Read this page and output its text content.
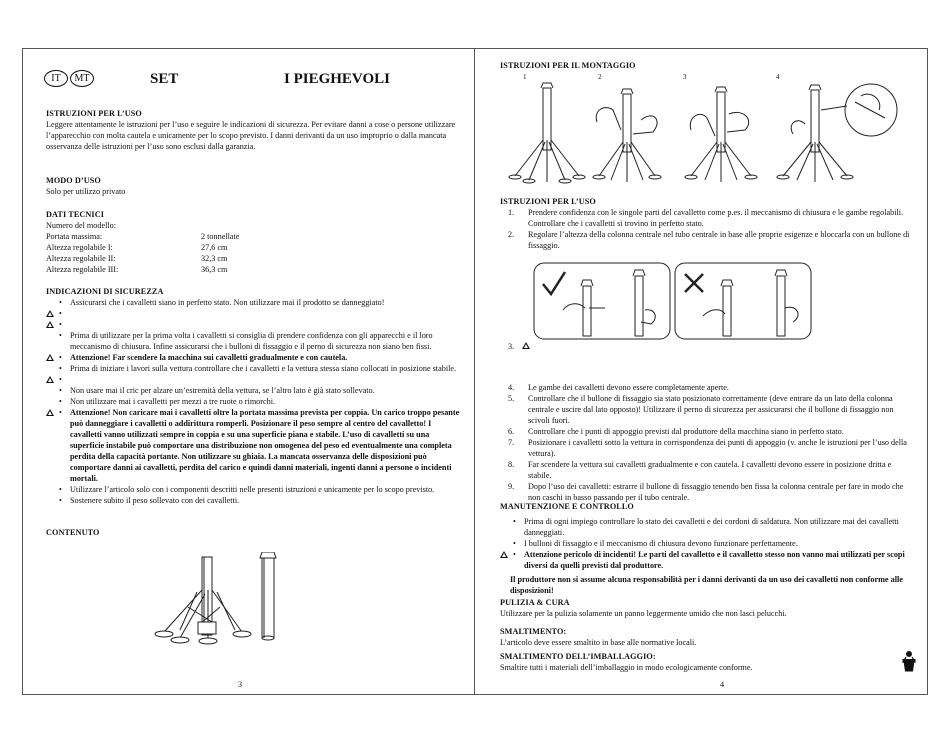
IT MT	SET	I PIEGHEVOLI
ISTRUZIONI PER L’USO
Leggere attentamente le istruzioni per l’uso e seguire le indicazioni di sicurezza. Per evitare danni a cose o persone utilizzare l’apparecchio con molta cautela e unicamente per lo scopo previsto. I danni derivanti da un uso improprio o dalla mancata osservanza delle istruzioni per l’uso sono esclusi dalla garanzia.
MODO D’USO
Solo per utilizzo privato
DATI TECNICI
Numero del modello:
Portata massima:	2 tonnellate
Altezza regolabile I:	27,6 cm
Altezza regolabile II:	32,3 cm
Altezza regolabile III:	36,3 cm
INDICAZIONI DI SICUREZZA
• Assicurarsi che i cavalletti siano in perfetto stato. Non utilizzare mai il prodotto se danneggiato!
•
•
• Prima di utilizzare per la prima volta i cavalletti si consiglia di prendere confidenza con gli apparecchi e il loro meccanismo di chiusura. Infine assicurarsi che i bulloni di fissaggio e il perno di sicurezza non siano ben fissi.
• Attenzione! Far scendere la macchina sui cavalletti gradualmente e con cautela.
• Prima di iniziare i lavori sulla vettura controllare che i cavalletti e la vettura stessa siano collocati in posizione stabile.
•
• Non usare mai il cric per alzare un’estremità della vettura, se l’altro lato è già stato sollevato.
• Non utilizzare mai i cavalletti per mezzi a tre ruote o rimorchi.
• Attenzione! Non caricare mai i cavalletti oltre la portata massima prevista per coppia. Un carico troppo pesante può danneggiare i cavalletti o addirittura romperli. Posizionare il peso sempre al centro del cavalletto! I cavalletti vanno utilizzati sempre in coppia e su una superficie piana e stabile. L’uso di cavalletti su una superficie instabile può comportare una distribuzione non omogenea del peso ed eventualmente una completa perdita della capacità portante. Non utilizzare su ghiaia. La mancata osservanza delle disposizioni può comportare danni ai cavalletti, perdita del carico e quindi danni materiali, ingenti danni a persone o incidenti mortali.
• Utilizzare l’articolo solo con i componenti descritti nelle presenti istruzioni e unicamente per lo scopo previsto.
• Sostenere subito il peso sollevato con dei cavalletti.
CONTENUTO
3
ISTRUZIONI PER IL MONTAGGIO
1	2	3	4
ISTRUZIONI PER L’USO
1. Prendere confidenza con le singole parti del cavalletto come p.es. il meccanismo di chiusura e le gambe regolabili. Controllare che i cavalletti si trovino in perfetto stato.
2. Regolare l’altezza della colonna centrale nel tubo centrale in base alle proprie esigenze e bloccarla con un bullone di fissaggio.
3.
4. Le gambe dei cavalletti devono essere completamente aperte.
5. Controllare che il bullone di fissaggio sia stato posizionato correttamente (deve entrare da un lato della colonna centrale e uscire dal lato opposto)! Utilizzare il perno di sicurezza per assicurarsi che il bullone di fissaggio non scivoli fuori.
6. Controllare che i punti di appoggio previsti dal produttore della macchina siano in perfetto stato.
7. Posizionare i cavalletti sotto la vettura in corrispondenza dei punti di appoggio (v. anche le istruzioni per l’uso della vettura).
8. Far scendere la vettura sui cavalletti gradualmente e con cautela. I cavalletti devono essere in posizione dritta e stabile.
9. Dopo l’uso dei cavalletti: estrarre il bullone di fissaggio tenendo ben fissa la colonna centrale per fare in modo che non caschi in basso passando per il tubo centrale.
MANUTENZIONE E CONTROLLO
• Prima di ogni impiego controllare lo stato dei cavalletti e dei cordoni di saldatura. Non utilizzare mai dei cavalletti danneggiati.
• I bulloni di fissaggio e il meccanismo di chiusura devono funzionare perfettamente.
• Attenzione pericolo di incidenti! Le parti del cavalletto e il cavalletto stesso non vanno mai utilizzati per scopi diversi da quelli previsti dal produttore.
Il produttore non si assume alcuna responsabilità per i danni derivanti da un uso dei cavalletti non conforme alle disposizioni!
PULIZIA & CURA
Utilizzare per la pulizia solamente un panno leggermente umido che non lasci pelucchi.
SMALTIMENTO:
L’articolo deve essere smaltito in base alle normative locali.
SMALTIMENTO DELL’IMBALLAGGIO:
Smaltire tutti i materiali dell’imballaggio in modo ecologicamente conforme.
4
